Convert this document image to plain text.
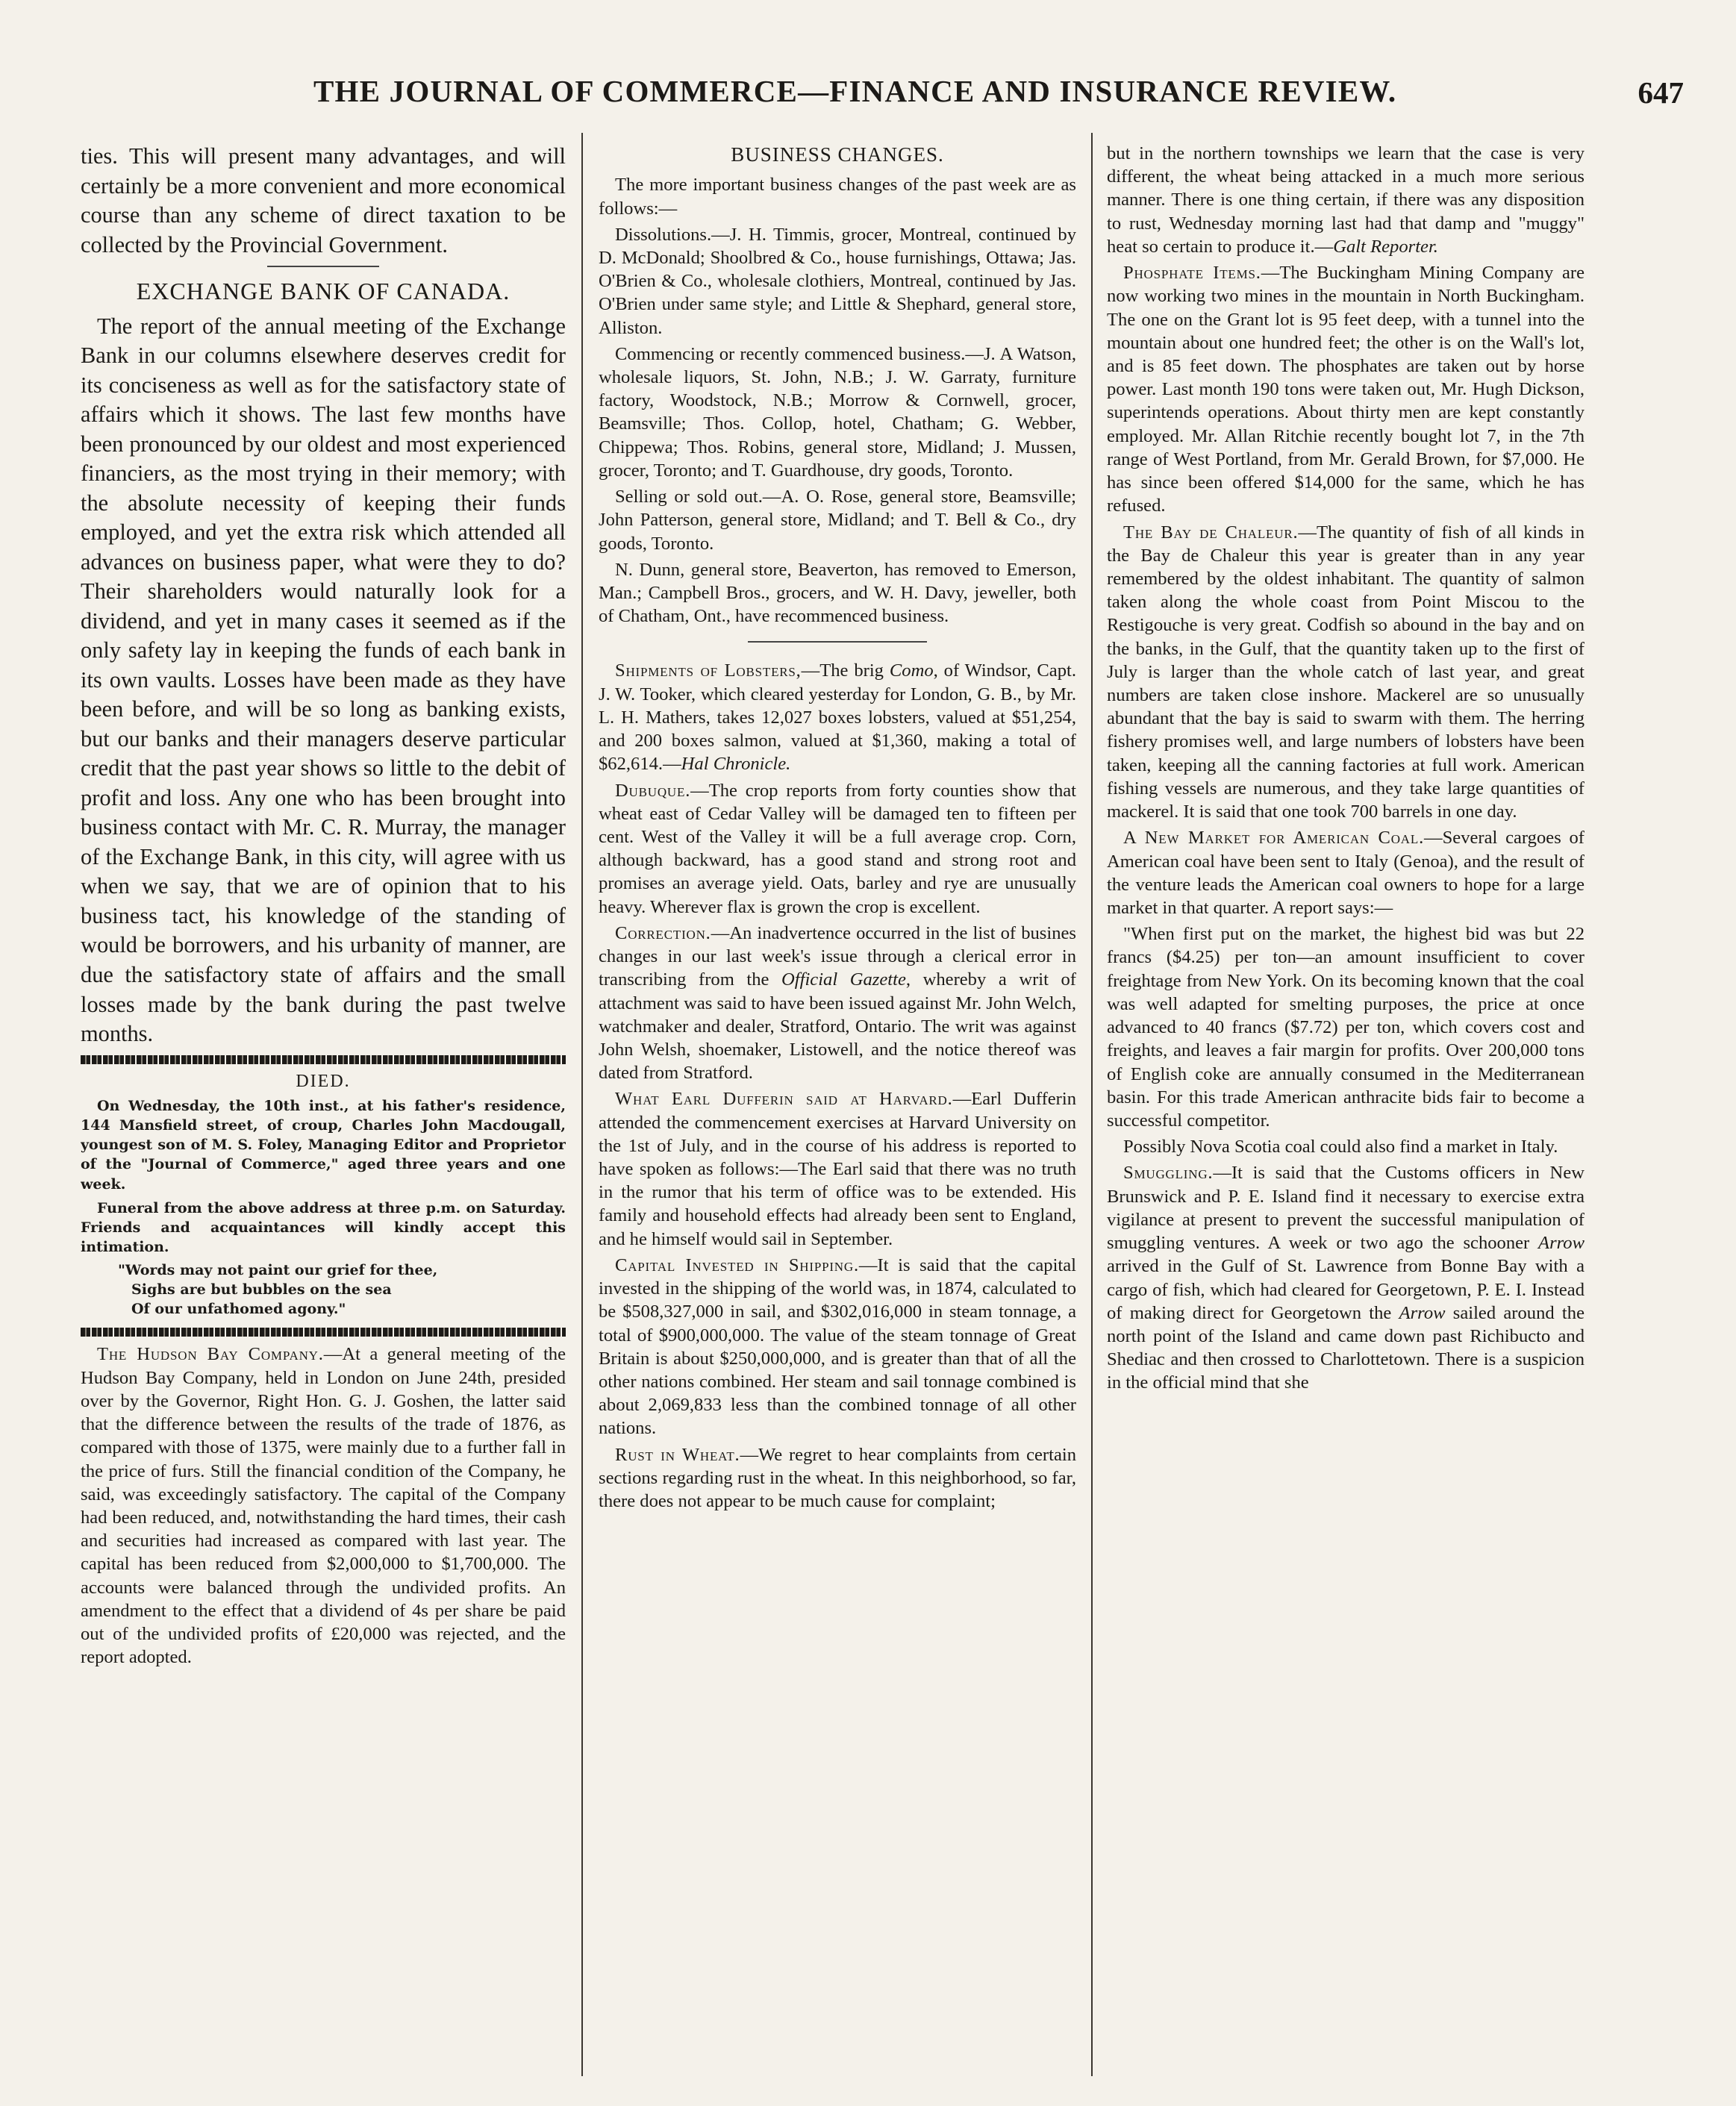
THE JOURNAL OF COMMERCE—FINANCE AND INSURANCE REVIEW.	647

ties. This will present many advantages, and will certainly be a more convenient and more economical course than any scheme of direct taxation to be collected by the Provincial Government.

EXCHANGE BANK OF CANADA.

The report of the annual meeting of the Exchange Bank in our columns elsewhere deserves credit for its conciseness as well as for the satisfactory state of affairs which it shows. The last few months have been pronounced by our oldest and most experienced financiers, as the most trying in their memory; with the absolute necessity of keeping their funds employed, and yet the extra risk which attended all advances on business paper, what were they to do? Their shareholders would naturally look for a dividend, and yet in many cases it seemed as if the only safety lay in keeping the funds of each bank in its own vaults. Losses have been made as they have been before, and will be so long as banking exists, but our banks and their managers deserve particular credit that the past year shows so little to the debit of profit and loss. Any one who has been brought into business contact with Mr. C. R. Murray, the manager of the Exchange Bank, in this city, will agree with us when we say, that we are of opinion that to his business tact, his knowledge of the standing of would be borrowers, and his urbanity of manner, are due the satisfactory state of affairs and the small losses made by the bank during the past twelve months.

DIED.

On Wednesday, the 10th inst., at his father's residence, 144 Mansfield street, of croup, Charles John Macdougall, youngest son of M. S. Foley, Managing Editor and Proprietor of the "Journal of Commerce," aged three years and one week.

Funeral from the above address at three p.m. on Saturday. Friends and acquaintances will kindly accept this intimation.

"Words may not paint our grief for thee,
Sighs are but bubbles on the sea
Of our unfathomed agony."

The Hudson Bay Company.—At a general meeting of the Hudson Bay Company, held in London on June 24th, presided over by the Governor, Right Hon. G. J. Goshen, the latter said that the difference between the results of the trade of 1876, as compared with those of 1375, were mainly due to a further fall in the price of furs. Still the financial condition of the Company, he said, was exceedingly satisfactory. The capital of the Company had been reduced, and, notwithstanding the hard times, their cash and securities had increased as compared with last year. The capital has been reduced from $2,000,000 to $1,700,000. The accounts were balanced through the undivided profits. An amendment to the effect that a dividend of 4s per share be paid out of the undivided profits of £20,000 was rejected, and the report adopted.

BUSINESS CHANGES.

The more important business changes of the past week are as follows:—

Dissolutions.—J. H. Timmis, grocer, Montreal, continued by D. McDonald; Shoolbred & Co., house furnishings, Ottawa; Jas. O'Brien & Co., wholesale clothiers, Montreal, continued by Jas. O'Brien under same style; and Little & Shephard, general store, Alliston.

Commencing or recently commenced business.—J. A Watson, wholesale liquors, St. John, N.B.; J. W. Garraty, furniture factory, Woodstock, N.B.; Morrow & Cornwell, grocer, Beamsville; Thos. Collop, hotel, Chatham; G. Webber, Chippewa; Thos. Robins, general store, Midland; J. Mussen, grocer, Toronto; and T. Guardhouse, dry goods, Toronto.

Selling or sold out.—A. O. Rose, general store, Beamsville; John Patterson, general store, Midland; and T. Bell & Co., dry goods, Toronto.

N. Dunn, general store, Beaverton, has removed to Emerson, Man.; Campbell Bros., grocers, and W. H. Davy, jeweller, both of Chatham, Ont., have recommenced business.

Shipments of Lobsters,—The brig Como, of Windsor, Capt. J. W. Tooker, which cleared yesterday for London, G. B., by Mr. L. H. Mathers, takes 12,027 boxes lobsters, valued at $51,254, and 200 boxes salmon, valued at $1,360, making a total of $62,614.—Hal Chronicle.

Dubuque.—The crop reports from forty counties show that wheat east of Cedar Valley will be damaged ten to fifteen per cent. West of the Valley it will be a full average crop. Corn, although backward, has a good stand and strong root and promises an average yield. Oats, barley and rye are unusually heavy. Wherever flax is grown the crop is excellent.

Correction.—An inadvertence occurred in the list of busines changes in our last week's issue through a clerical error in transcribing from the Official Gazette, whereby a writ of attachment was said to have been issued against Mr. John Welch, watchmaker and dealer, Stratford, Ontario. The writ was against John Welsh, shoemaker, Listowell, and the notice thereof was dated from Stratford.

What Earl Dufferin said at Harvard.—Earl Dufferin attended the commencement exercises at Harvard University on the 1st of July, and in the course of his address is reported to have spoken as follows:—The Earl said that there was no truth in the rumor that his term of office was to be extended. His family and household effects had already been sent to England, and he himself would sail in September.

Capital Invested in Shipping.—It is said that the capital invested in the shipping of the world was, in 1874, calculated to be $508,327,000 in sail, and $302,016,000 in steam tonnage, a total of $900,000,000. The value of the steam tonnage of Great Britain is about $250,000,000, and is greater than that of all the other nations combined. Her steam and sail tonnage combined is about 2,069,833 less than the combined tonnage of all other nations.

Rust in Wheat.—We regret to hear complaints from certain sections regarding rust in the wheat. In this neighborhood, so far, there does not appear to be much cause for complaint;

but in the northern townships we learn that the case is very different, the wheat being attacked in a much more serious manner. There is one thing certain, if there was any disposition to rust, Wednesday morning last had that damp and "muggy" heat so certain to produce it.—Galt Reporter.

Phosphate Items.—The Buckingham Mining Company are now working two mines in the mountain in North Buckingham. The one on the Grant lot is 95 feet deep, with a tunnel into the mountain about one hundred feet; the other is on the Wall's lot, and is 85 feet down. The phosphates are taken out by horse power. Last month 190 tons were taken out, Mr. Hugh Dickson, superintends operations. About thirty men are kept constantly employed. Mr. Allan Ritchie recently bought lot 7, in the 7th range of West Portland, from Mr. Gerald Brown, for $7,000. He has since been offered $14,000 for the same, which he has refused.

The Bay de Chaleur.—The quantity of fish of all kinds in the Bay de Chaleur this year is greater than in any year remembered by the oldest inhabitant. The quantity of salmon taken along the whole coast from Point Miscou to the Restigouche is very great. Codfish so abound in the bay and on the banks, in the Gulf, that the quantity taken up to the first of July is larger than the whole catch of last year, and great numbers are taken close inshore. Mackerel are so unusually abundant that the bay is said to swarm with them. The herring fishery promises well, and large numbers of lobsters have been taken, keeping all the canning factories at full work. American fishing vessels are numerous, and they take large quantities of mackerel. It is said that one took 700 barrels in one day.

A New Market for American Coal.—Several cargoes of American coal have been sent to Italy (Genoa), and the result of the venture leads the American coal owners to hope for a large market in that quarter. A report says:—

"When first put on the market, the highest bid was but 22 francs ($4.25) per ton—an amount insufficient to cover freightage from New York. On its becoming known that the coal was well adapted for smelting purposes, the price at once advanced to 40 francs ($7.72) per ton, which covers cost and freights, and leaves a fair margin for profits. Over 200,000 tons of English coke are annually consumed in the Mediterranean basin. For this trade American anthracite bids fair to become a successful competitor.

Possibly Nova Scotia coal could also find a market in Italy.

Smuggling.—It is said that the Customs officers in New Brunswick and P. E. Island find it necessary to exercise extra vigilance at present to prevent the successful manipulation of smuggling ventures. A week or two ago the schooner Arrow arrived in the Gulf of St. Lawrence from Bonne Bay with a cargo of fish, which had cleared for Georgetown, P. E. I. Instead of making direct for Georgetown the Arrow sailed around the north point of the Island and came down past Richibucto and Shediac and then crossed to Charlottetown. There is a suspicion in the official mind that she
